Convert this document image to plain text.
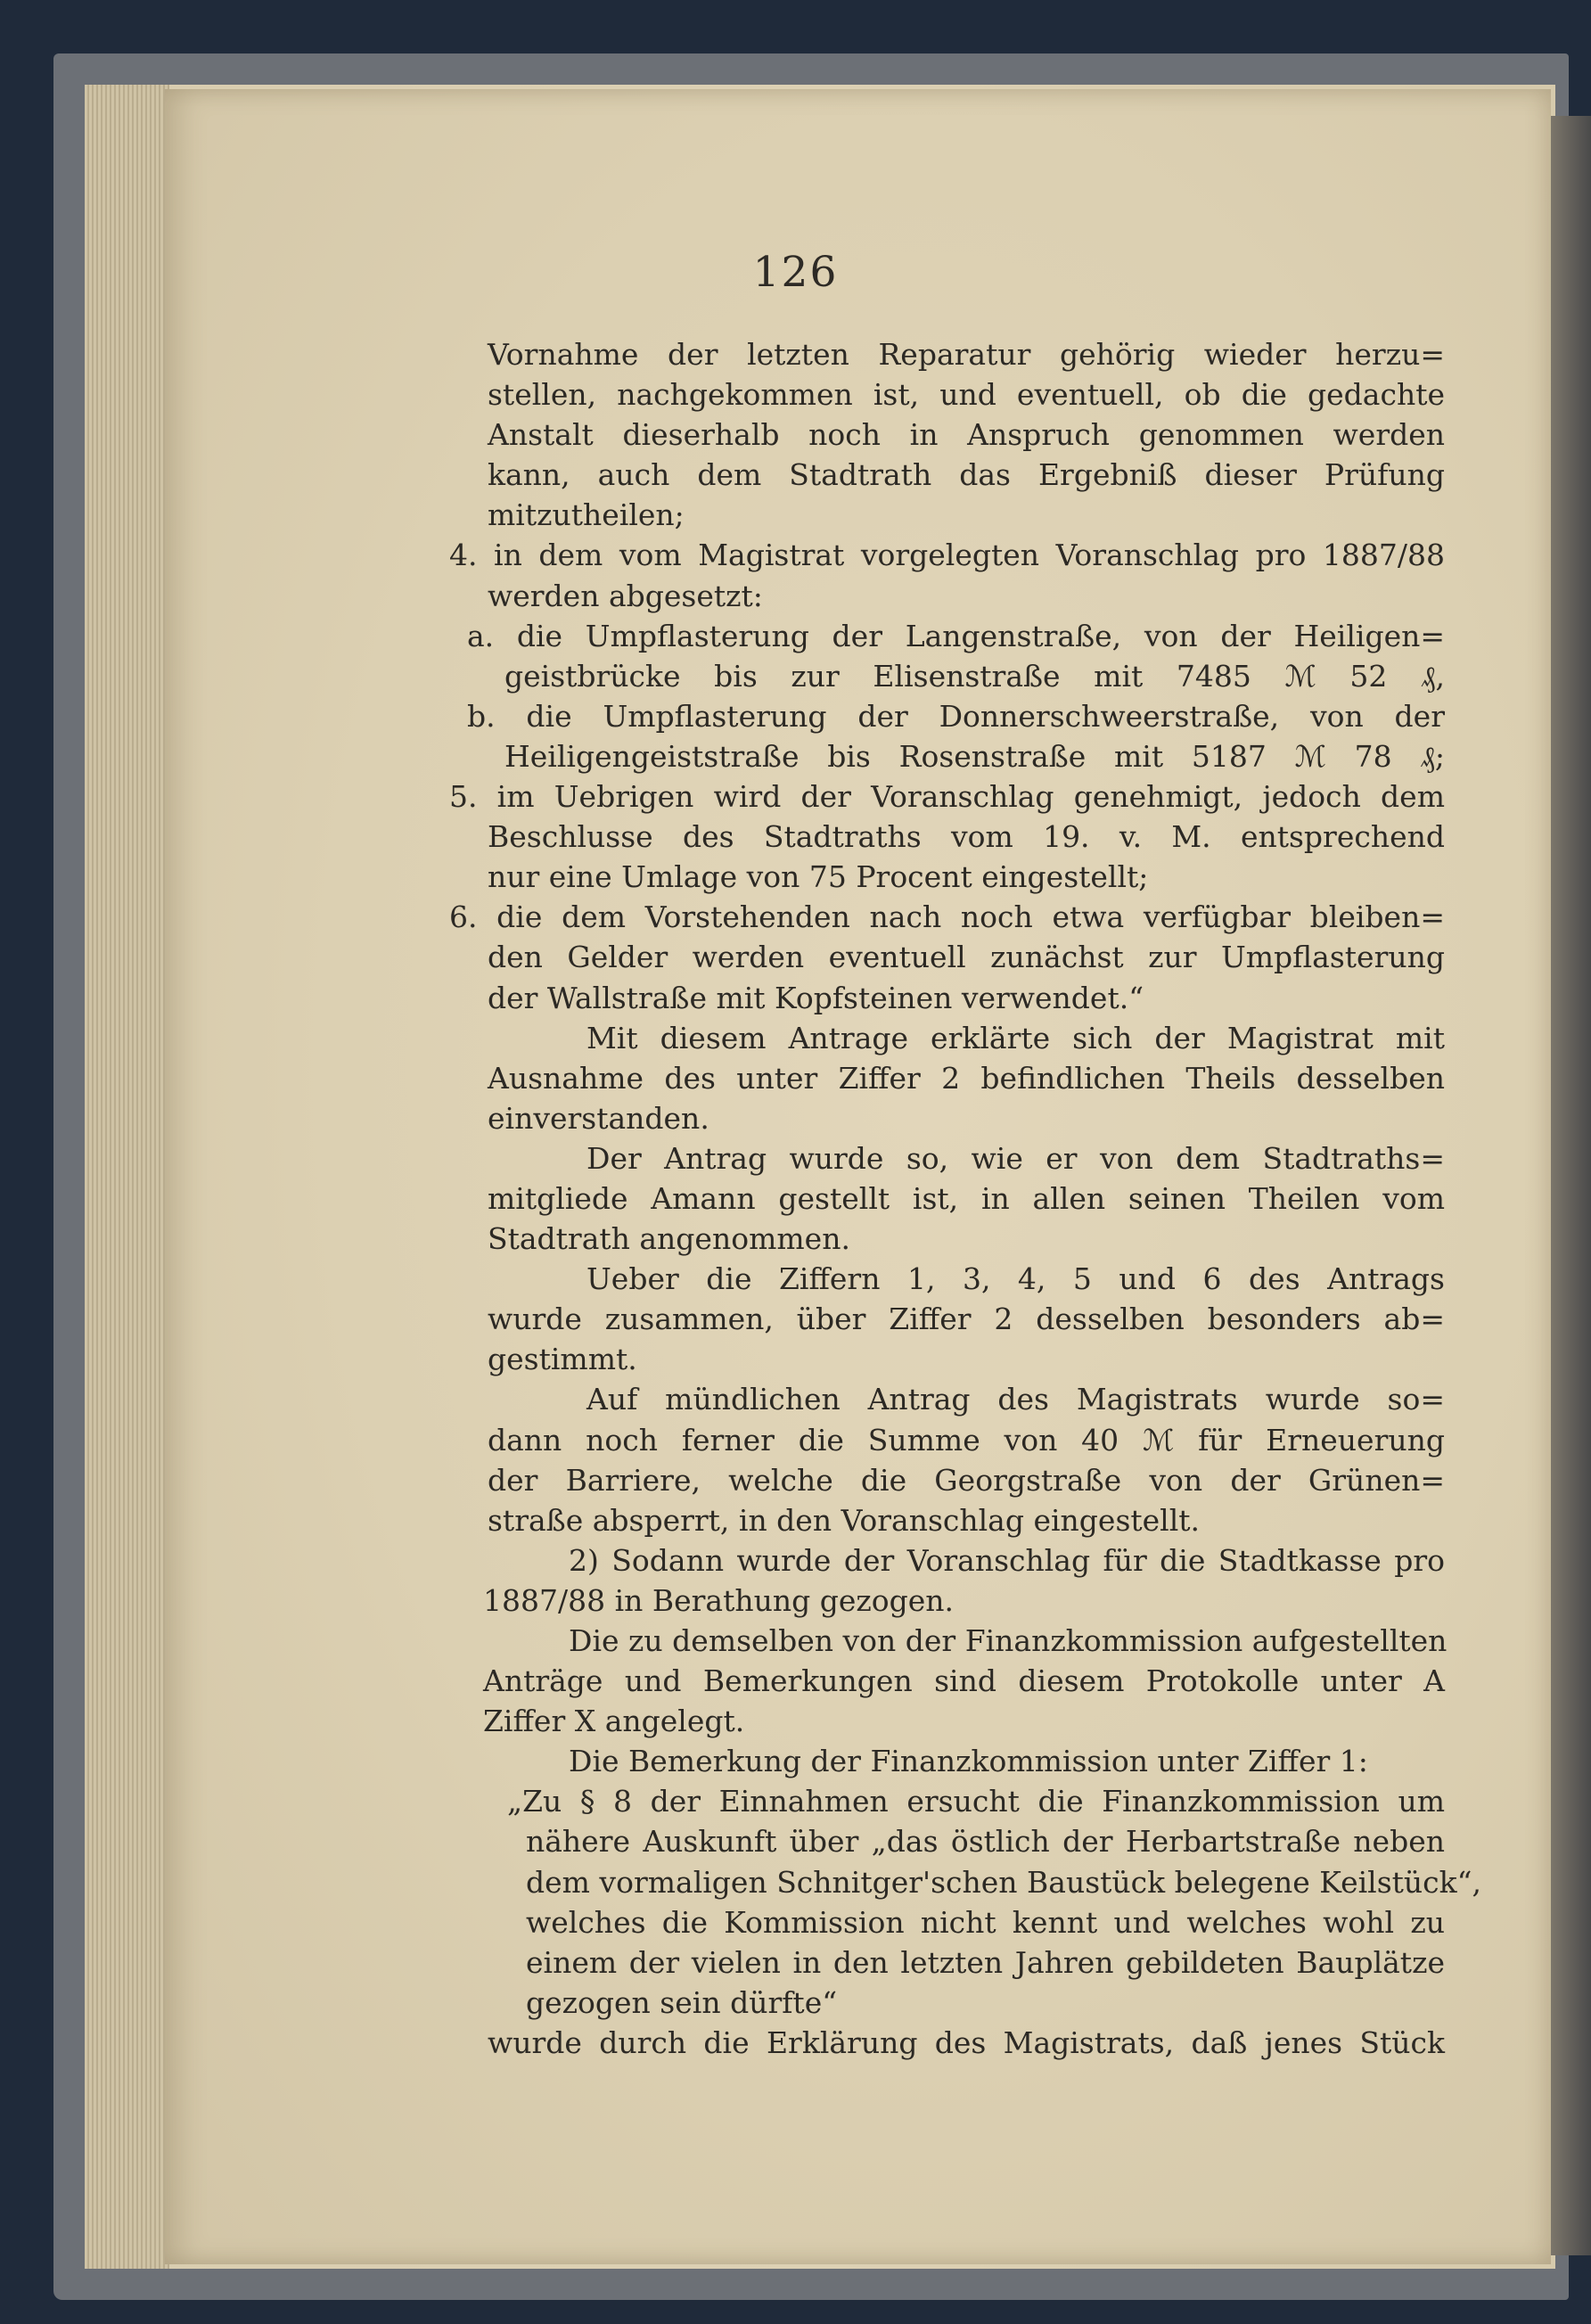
126
Vornahme der letzten Reparatur gehörig wieder herzu=
stellen, nachgekommen ist, und eventuell, ob die gedachte
Anstalt dieserhalb noch in Anspruch genommen werden
kann, auch dem Stadtrath das Ergebniß dieser Prüfung
mitzutheilen;
4. in dem vom Magistrat vorgelegten Voranschlag pro 1887/88
werden abgesetzt:
a. die Umpflasterung der Langenstraße, von der Heiligen=
geistbrücke bis zur Elisenstraße mit 7485 ℳ 52 ₰,
b. die Umpflasterung der Donnerschweerstraße, von der
Heiligengeiststraße bis Rosenstraße mit 5187 ℳ 78 ₰;
5. im Uebrigen wird der Voranschlag genehmigt, jedoch dem
Beschlusse des Stadtraths vom 19. v. M. entsprechend
nur eine Umlage von 75 Procent eingestellt;
6. die dem Vorstehenden nach noch etwa verfügbar bleiben=
den Gelder werden eventuell zunächst zur Umpflasterung
der Wallstraße mit Kopfsteinen verwendet.“
Mit diesem Antrage erklärte sich der Magistrat mit
Ausnahme des unter Ziffer 2 befindlichen Theils desselben
einverstanden.
Der Antrag wurde so, wie er von dem Stadtraths=
mitgliede Amann gestellt ist, in allen seinen Theilen vom
Stadtrath angenommen.
Ueber die Ziffern 1, 3, 4, 5 und 6 des Antrags
wurde zusammen, über Ziffer 2 desselben besonders ab=
gestimmt.
Auf mündlichen Antrag des Magistrats wurde so=
dann noch ferner die Summe von 40 ℳ für Erneuerung
der Barriere, welche die Georgstraße von der Grünen=
straße absperrt, in den Voranschlag eingestellt.
2) Sodann wurde der Voranschlag für die Stadtkasse pro
1887/88 in Berathung gezogen.
Die zu demselben von der Finanzkommission aufgestellten
Anträge und Bemerkungen sind diesem Protokolle unter A
Ziffer X angelegt.
Die Bemerkung der Finanzkommission unter Ziffer 1:
„Zu § 8 der Einnahmen ersucht die Finanzkommission um
nähere Auskunft über „das östlich der Herbartstraße neben
dem vormaligen Schnitger'schen Baustück belegene Keilstück“,
welches die Kommission nicht kennt und welches wohl zu
einem der vielen in den letzten Jahren gebildeten Bauplätze
gezogen sein dürfte“
wurde durch die Erklärung des Magistrats, daß jenes Stück
